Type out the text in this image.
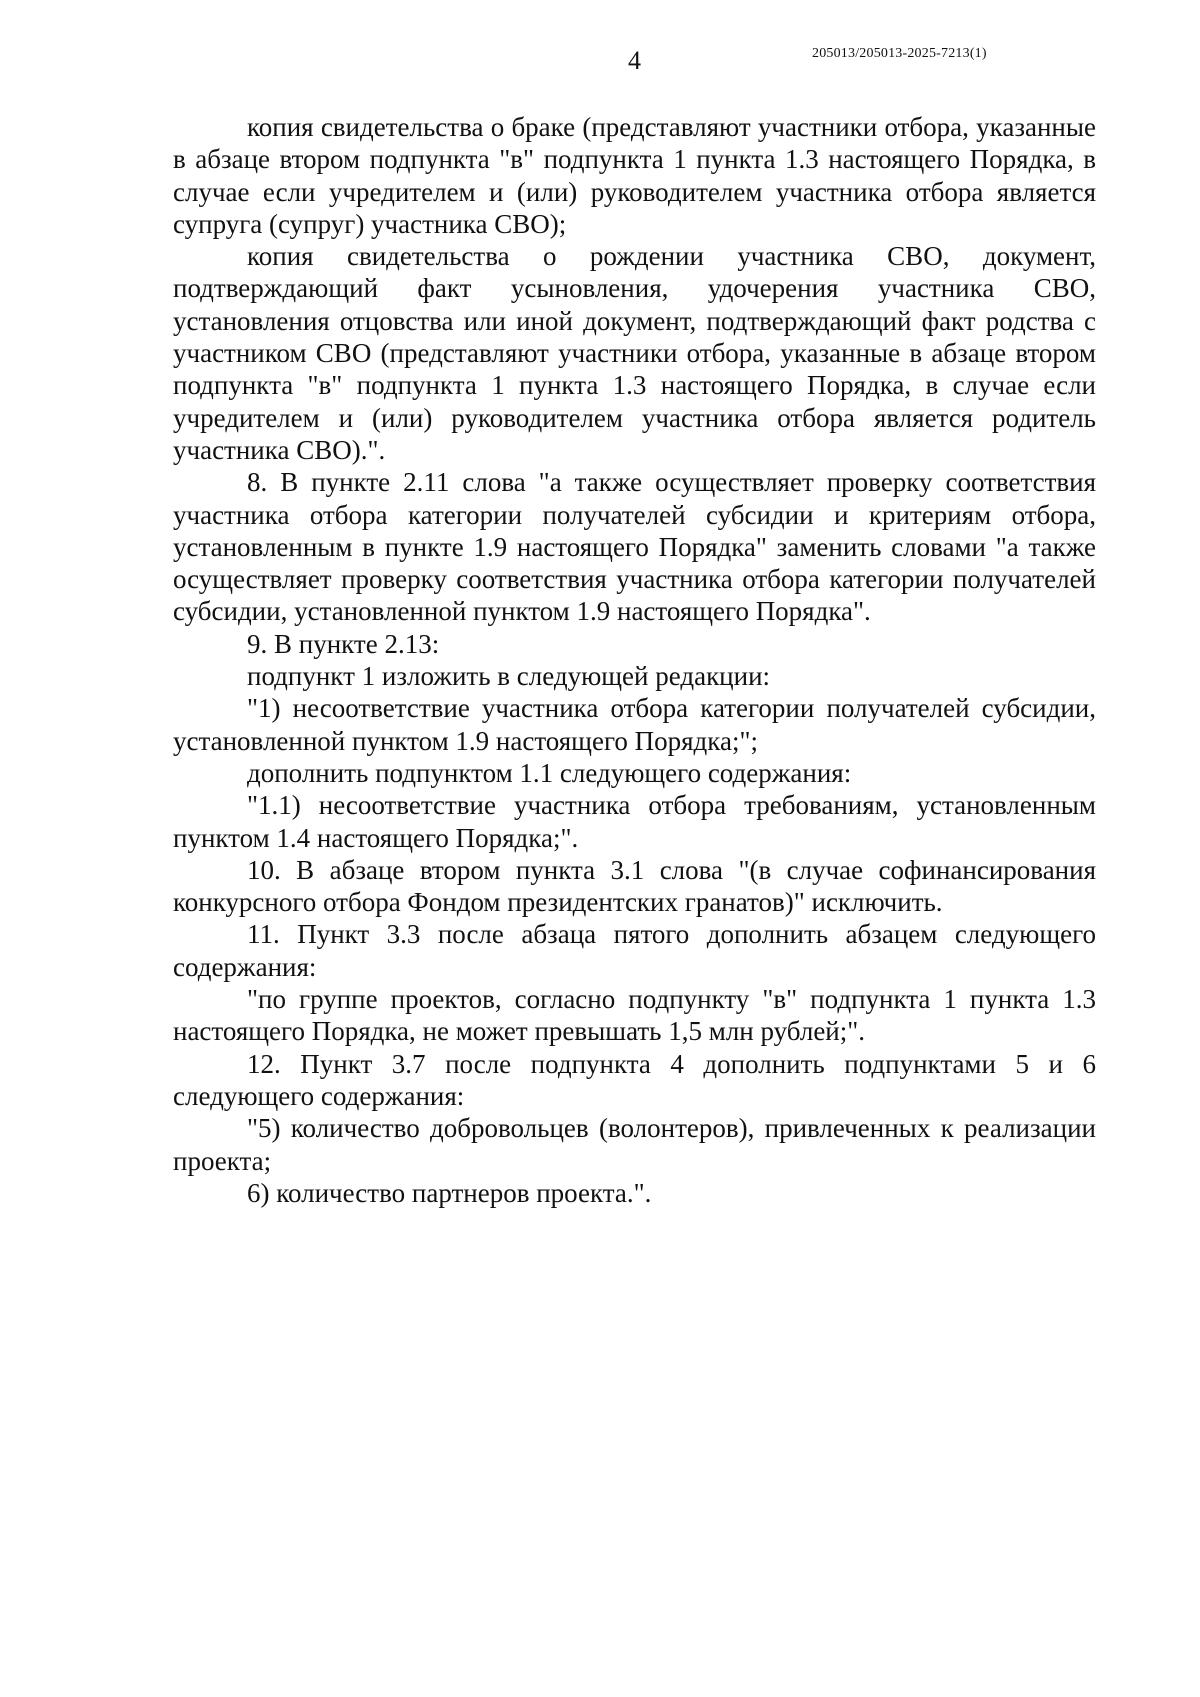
4	205013/205013-2025-7213(1)

копия свидетельства о браке (представляют участники отбора, указанные в абзаце втором подпункта "в" подпункта 1 пункта 1.3 настоящего Порядка, в случае если учредителем и (или) руководителем участника отбора является супруга (супруг) участника СВО);

копия свидетельства о рождении участника СВО, документ, подтверждающий факт усыновления, удочерения участника СВО, установления отцовства или иной документ, подтверждающий факт родства с участником СВО (представляют участники отбора, указанные в абзаце втором подпункта "в" подпункта 1 пункта 1.3 настоящего Порядка, в случае если учредителем и (или) руководителем участника отбора является родитель участника СВО).".

8. В пункте 2.11 слова "а также осуществляет проверку соответствия участника отбора категории получателей субсидии и критериям отбора, установленным в пункте 1.9 настоящего Порядка" заменить словами "а также осуществляет проверку соответствия участника отбора категории получателей субсидии, установленной пунктом 1.9 настоящего Порядка".

9. В пункте 2.13:

подпункт 1 изложить в следующей редакции:

"1) несоответствие участника отбора категории получателей субсидии, установленной пунктом 1.9 настоящего Порядка;";

дополнить подпунктом 1.1 следующего содержания:

"1.1) несоответствие участника отбора требованиям, установленным пунктом 1.4 настоящего Порядка;".

10. В абзаце втором пункта 3.1 слова "(в случае софинансирования конкурсного отбора Фондом президентских гранатов)" исключить.

11. Пункт 3.3 после абзаца пятого дополнить абзацем следующего содержания:

"по группе проектов, согласно подпункту "в" подпункта 1 пункта 1.3 настоящего Порядка, не может превышать 1,5 млн рублей;".

12. Пункт 3.7 после подпункта 4 дополнить подпунктами 5 и 6 следующего содержания:

"5) количество добровольцев (волонтеров), привлеченных к реализации проекта;

6) количество партнеров проекта.".
